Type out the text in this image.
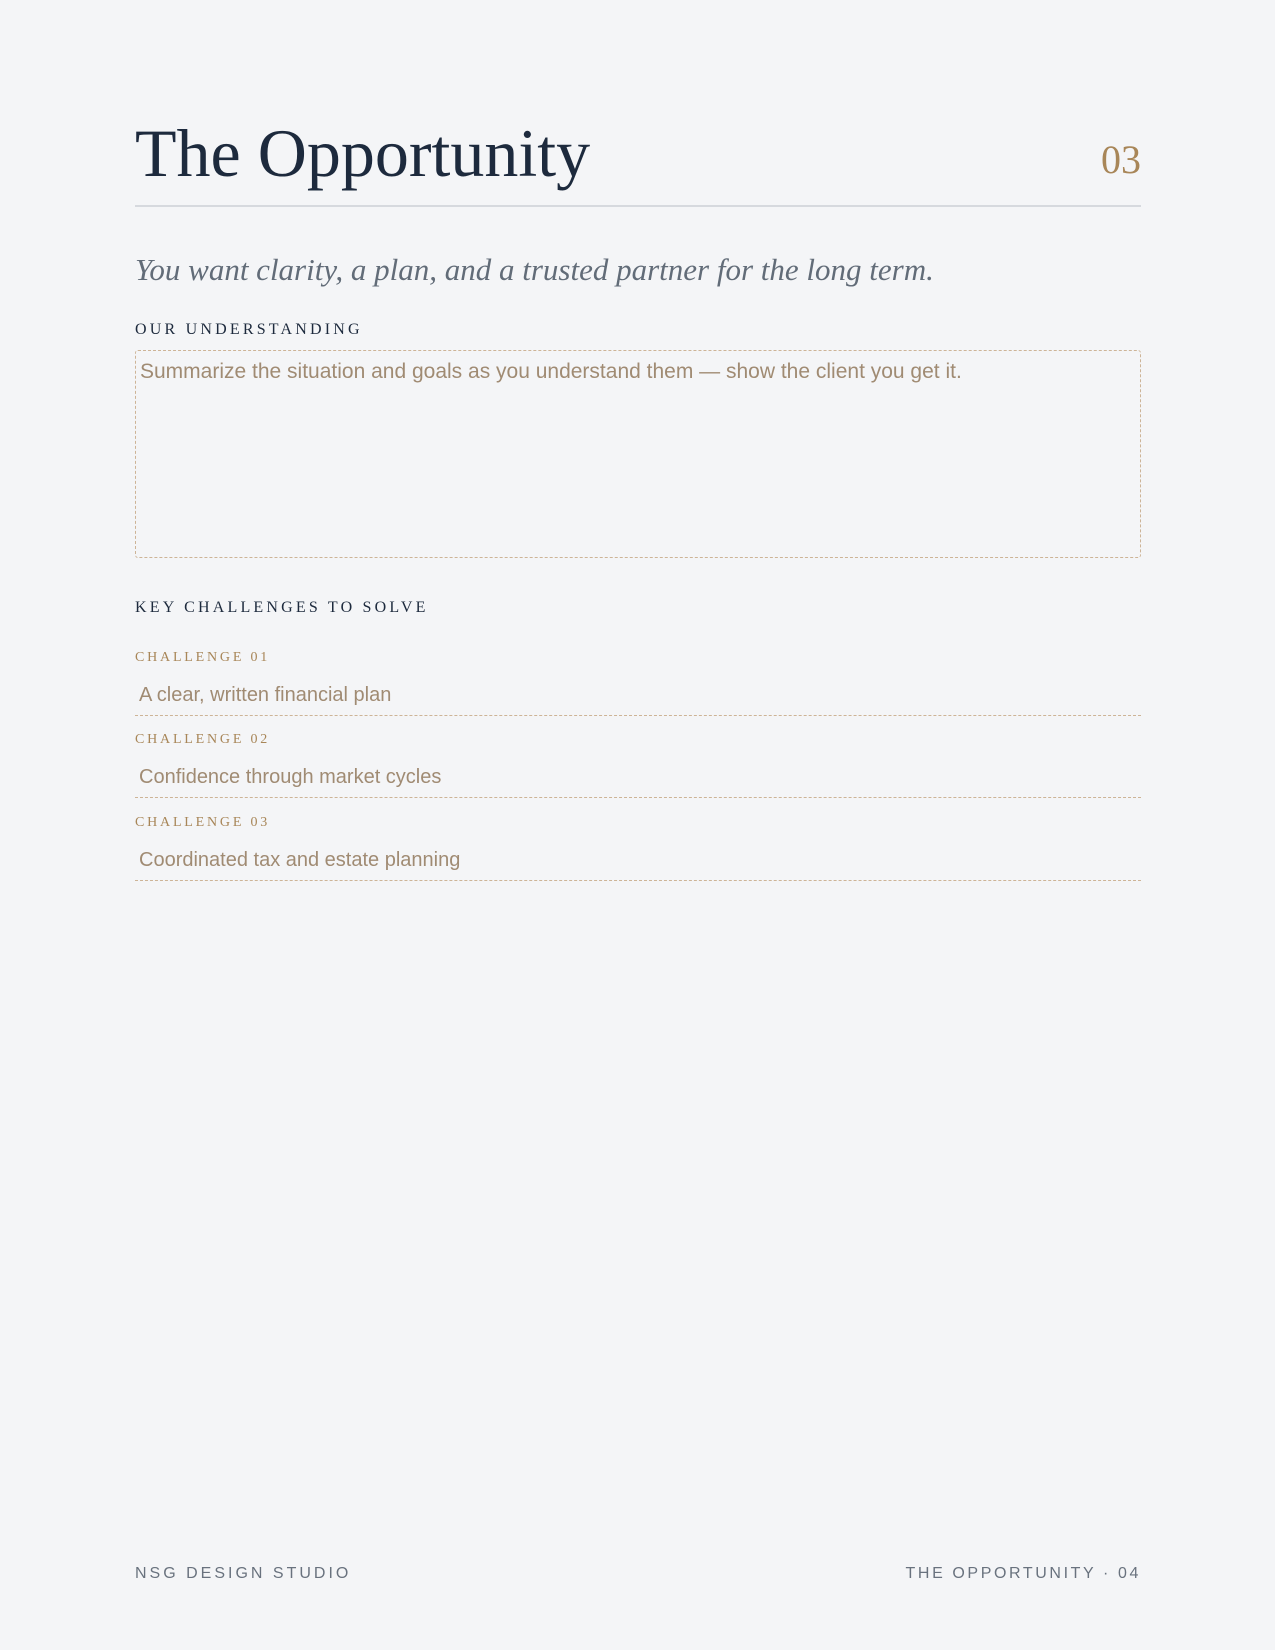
The Opportunity	03

You want clarity, a plan, and a trusted partner for the long term.

OUR UNDERSTANDING
Summarize the situation and goals as you understand them — show the client you get it.
KEY CHALLENGES TO SOLVE
CHALLENGE 01
A clear, written financial plan
CHALLENGE 02
Confidence through market cycles
CHALLENGE 03
Coordinated tax and estate planning
NSG DESIGN STUDIO	THE OPPORTUNITY · 04
